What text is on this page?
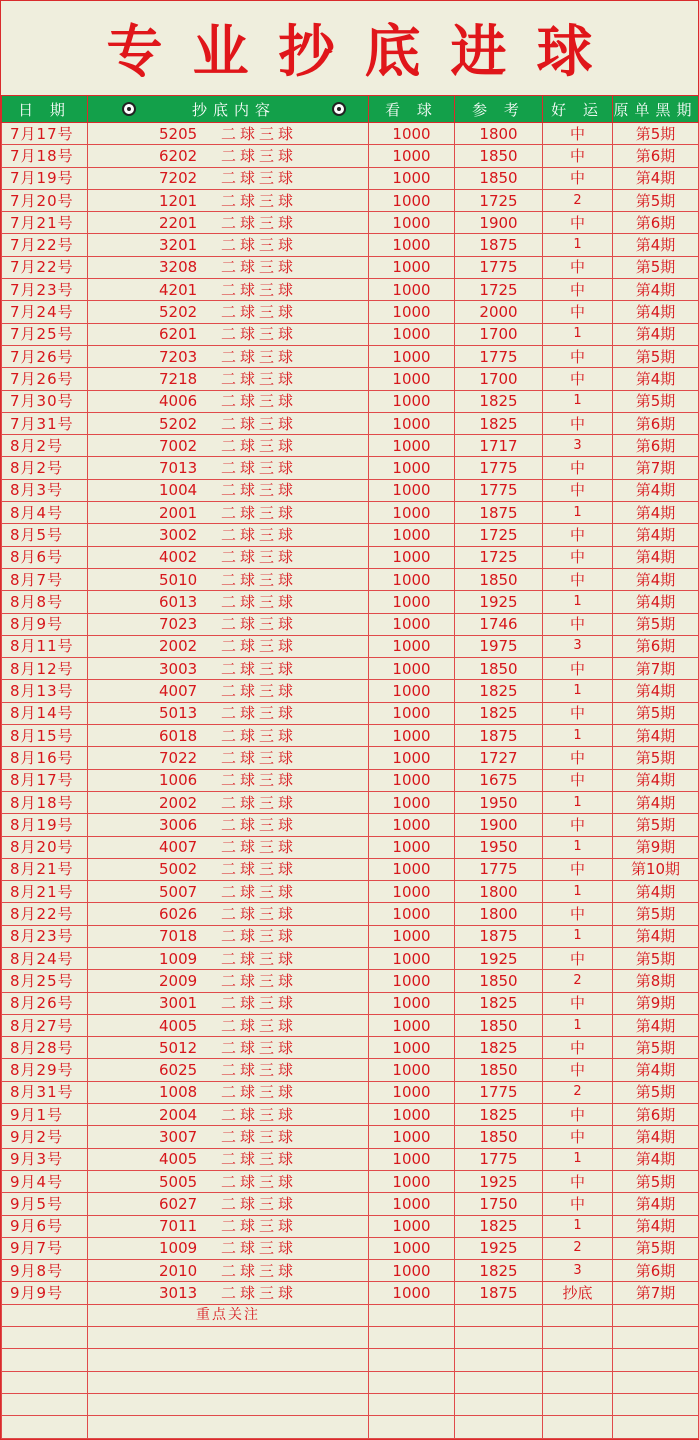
专业抄底进球
日 期	抄底内容	看 球	参 考	好 运	原单黑期
7月17号	5205 二球三球	1000	1800	中	第5期
7月18号	6202 二球三球	1000	1850	中	第6期
7月19号	7202 二球三球	1000	1850	中	第4期
7月20号	1201 二球三球	1000	1725	2	第5期
7月21号	2201 二球三球	1000	1900	中	第6期
7月22号	3201 二球三球	1000	1875	1	第4期
7月22号	3208 二球三球	1000	1775	中	第5期
7月23号	4201 二球三球	1000	1725	中	第4期
7月24号	5202 二球三球	1000	2000	中	第4期
7月25号	6201 二球三球	1000	1700	1	第4期
7月26号	7203 二球三球	1000	1775	中	第5期
7月26号	7218 二球三球	1000	1700	中	第4期
7月30号	4006 二球三球	1000	1825	1	第5期
7月31号	5202 二球三球	1000	1825	中	第6期
8月2号	7002 二球三球	1000	1717	3	第6期
8月2号	7013 二球三球	1000	1775	中	第7期
8月3号	1004 二球三球	1000	1775	中	第4期
8月4号	2001 二球三球	1000	1875	1	第4期
8月5号	3002 二球三球	1000	1725	中	第4期
8月6号	4002 二球三球	1000	1725	中	第4期
8月7号	5010 二球三球	1000	1850	中	第4期
8月8号	6013 二球三球	1000	1925	1	第4期
8月9号	7023 二球三球	1000	1746	中	第5期
8月11号	2002 二球三球	1000	1975	3	第6期
8月12号	3003 二球三球	1000	1850	中	第7期
8月13号	4007 二球三球	1000	1825	1	第4期
8月14号	5013 二球三球	1000	1825	中	第5期
8月15号	6018 二球三球	1000	1875	1	第4期
8月16号	7022 二球三球	1000	1727	中	第5期
8月17号	1006 二球三球	1000	1675	中	第4期
8月18号	2002 二球三球	1000	1950	1	第4期
8月19号	3006 二球三球	1000	1900	中	第5期
8月20号	4007 二球三球	1000	1950	1	第9期
8月21号	5002 二球三球	1000	1775	中	第10期
8月21号	5007 二球三球	1000	1800	1	第4期
8月22号	6026 二球三球	1000	1800	中	第5期
8月23号	7018 二球三球	1000	1875	1	第4期
8月24号	1009 二球三球	1000	1925	中	第5期
8月25号	2009 二球三球	1000	1850	2	第8期
8月26号	3001 二球三球	1000	1825	中	第9期
8月27号	4005 二球三球	1000	1850	1	第4期
8月28号	5012 二球三球	1000	1825	中	第5期
8月29号	6025 二球三球	1000	1850	中	第4期
8月31号	1008 二球三球	1000	1775	2	第5期
9月1号	2004 二球三球	1000	1825	中	第6期
9月2号	3007 二球三球	1000	1850	中	第4期
9月3号	4005 二球三球	1000	1775	1	第4期
9月4号	5005 二球三球	1000	1925	中	第5期
9月5号	6027 二球三球	1000	1750	中	第4期
9月6号	7011 二球三球	1000	1825	1	第4期
9月7号	1009 二球三球	1000	1925	2	第5期
9月8号	2010 二球三球	1000	1825	3	第6期
9月9号	3013 二球三球	1000	1875	抄底	第7期
	重点关注				
